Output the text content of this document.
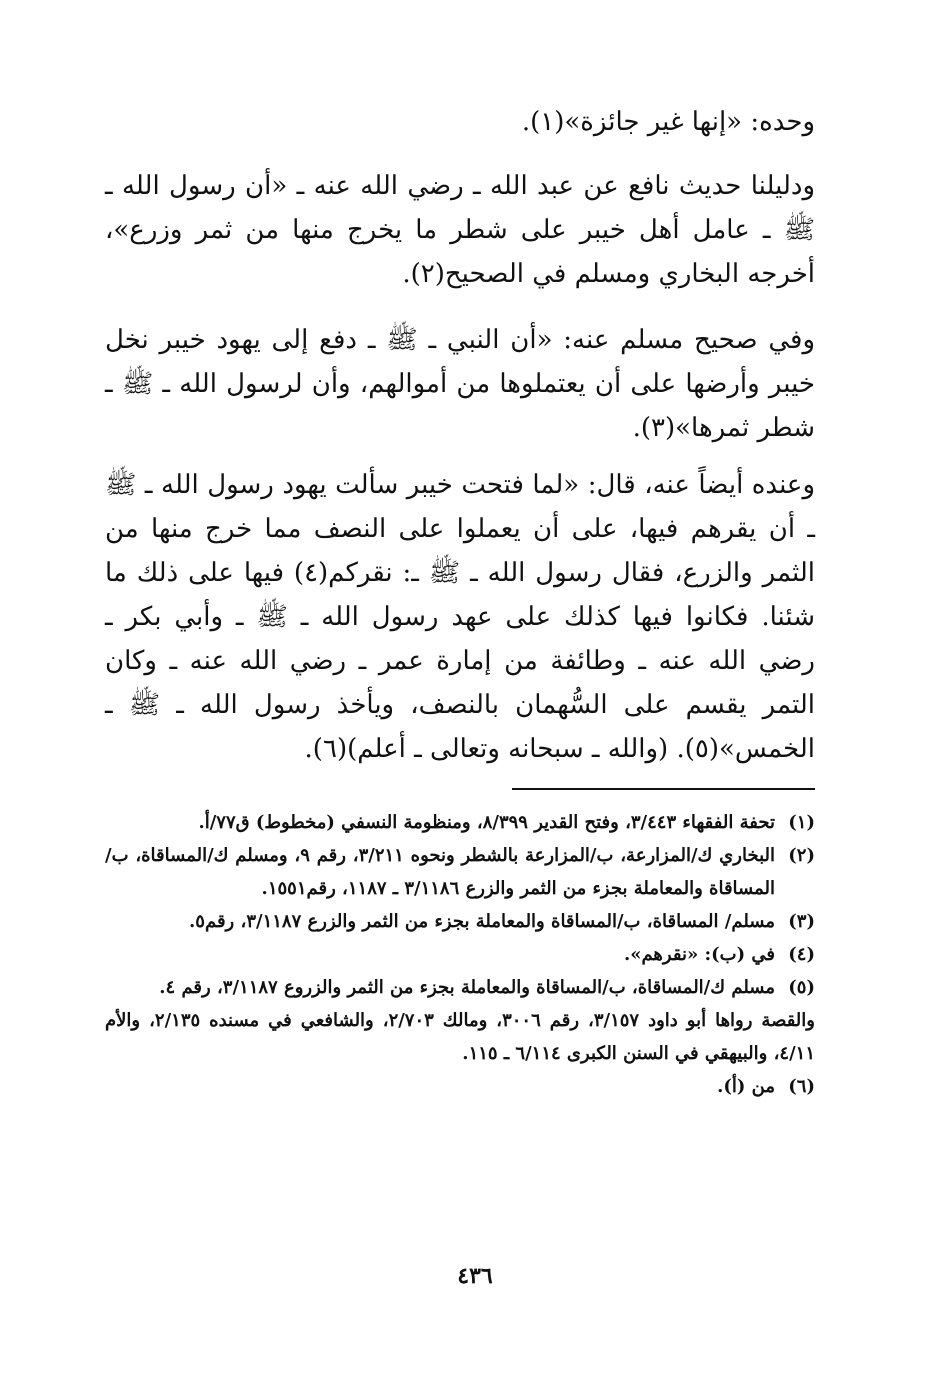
وحده: «إنها غير جائزة»(١).
ودليلنا حديث نافع عن عبد الله ـ رضي الله عنه ـ «أن رسول الله ـ ﷺ ـ عامل أهل خيبر على شطر ما يخرج منها من ثمر وزرع»، أخرجه البخاري ومسلم في الصحيح(٢).
وفي صحيح مسلم عنه: «أن النبي ـ ﷺ ـ دفع إلى يهود خيبر نخل خيبر وأرضها على أن يعتملوها من أموالهم، وأن لرسول الله ـ ﷺ ـ شطر ثمرها»(٣).
وعنده أيضاً عنه، قال: «لما فتحت خيبر سألت يهود رسول الله ـ ﷺ ـ أن يقرهم فيها، على أن يعملوا على النصف مما خرج منها من الثمر والزرع، فقال رسول الله ـ ﷺ ـ: نقركم(٤) فيها على ذلك ما شئنا. فكانوا فيها كذلك على عهد رسول الله ـ ﷺ ـ وأبي بكر ـ رضي الله عنه ـ وطائفة من إمارة عمر ـ رضي الله عنه ـ وكان التمر يقسم على السُّهمان بالنصف، ويأخذ رسول الله ـ ﷺ ـ الخمس»(٥). (والله ـ سبحانه وتعالى ـ أعلم)(٦).
(١)
تحفة الفقهاء ٣/٤٤٣، وفتح القدير ٨/٣٩٩، ومنظومة النسفي (مخطوط) ق٧٧/أ.
(٢)
البخاري ك/المزارعة، ب/المزارعة بالشطر ونحوه ٣/٢١١، رقم ٩، ومسلم ك/المساقاة، ب/المساقاة والمعاملة بجزء من الثمر والزرع ٣/١١٨٦ ـ ١١٨٧، رقم١٥٥١.
(٣)
مسلم/ المساقاة، ب/المساقاة والمعاملة بجزء من الثمر والزرع ٣/١١٨٧، رقم٥.
(٤)
في (ب): «نقرهم».
(٥)
مسلم ك/المساقاة، ب/المساقاة والمعاملة بجزء من الثمر والزروع ٣/١١٨٧، رقم ٤.
والقصة رواها أبو داود ٣/١٥٧، رقم ٣٠٠٦، ومالك ٢/٧٠٣، والشافعي في مسنده ٢/١٣٥، والأم ٤/١١، والبيهقي في السنن الكبرى ٦/١١٤ ـ ١١٥.
(٦)
من (أ).
٤٣٦
